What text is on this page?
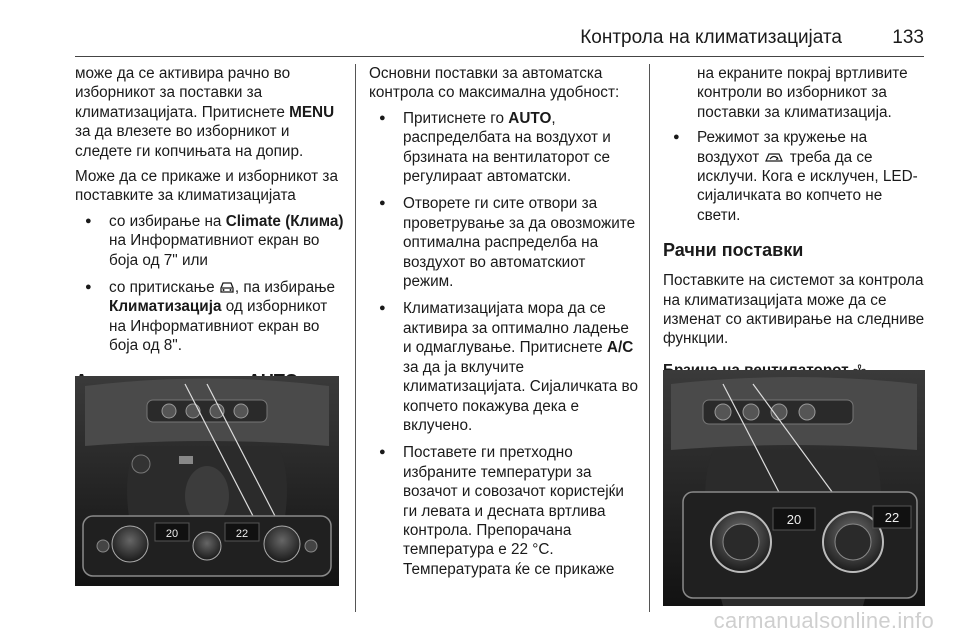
Контрола на климатизацијата	133

може да се активира рачно во изборникот за поставки за климатизацијата. Притиснете MENU за да влезете во изборникот и следете ги копчињата на допир.

Може да се прикаже и изборникот за поставките за климатизацијата

● со избирање на Climate (Клима) на Информативниот екран во боја од 7" или
● со притискање , па избирање Климатизација од изборникот на Информативниот екран во боја од 8".
20	22

Основни поставки за автоматска контрола со максимална удобност:

● Притиснете го AUTO, распределбата на воздухот и брзината на вентилаторот се регулираат автоматски.
● Отворете ги сите отвори за проветрување за да овозможите оптимална распределба на воздухот во автоматскиот режим.
● Климатизацијата мора да се активира за оптимално ладење и одмаглување. Притиснете A/C за да ја вклучите климатизацијата. Сијаличката во копчето покажува дека е вклучено.
● Поставете ги претходно избраните температури за возачот и совозачот користејќи ги левата и десната вртлива контрола. Препорачана температура е 22 °C. Температурата ќе се прикаже

на екраните покрај вртливите контроли во изборникот за поставки за климатизација.

● Режимот за кружење на воздухот  треба да се исклучи. Кога е исклучен, LED-сијаличката во копчето не свети.
Рачни поставки

Поставките на системот за контрола на климатизацијата може да се изменат со активирање на следниве функции.

20	22
carmanualsonline.info
